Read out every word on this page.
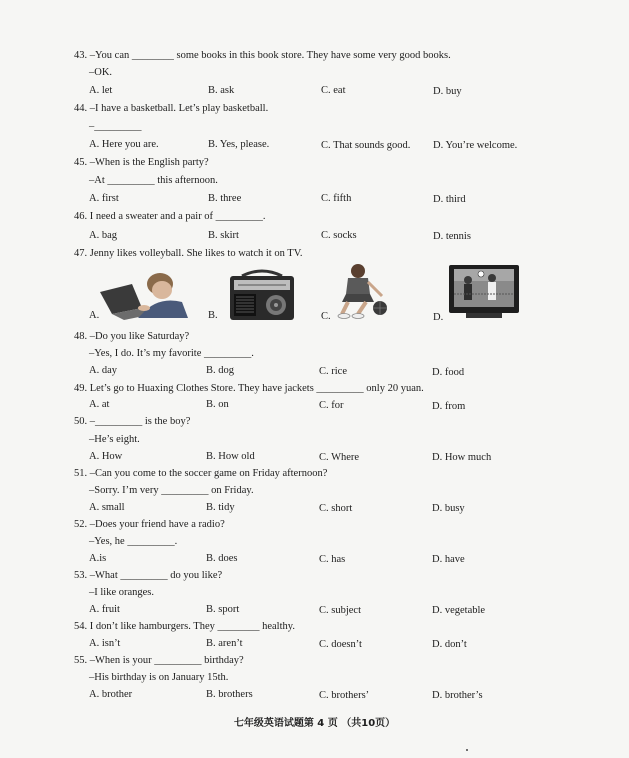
43. –You can ________ some books in this book store. They have some very good books.
–OK.
A. let	B. ask	C. eat	D. buy
44. –I have a basketball. Let’s play basketball.
–_________
A. Here you are.	B. Yes, please.	C. That sounds good. D. You’re welcome.
45. –When is the English party?
–At _________ this afternoon.
A. first	B. three	C. fifth	D. third
46. I need a sweater and a pair of _________.
A. bag	B. skirt	C. socks	D. tennis
47. Jenny likes volleyball. She likes to watch it on TV.
A.	B.	C.	D.
48. –Do you like Saturday?
–Yes, I do. It’s my favorite _________.
A. day	B. dog	C. rice	D. food
49. Let’s go to Huaxing Clothes Store. They have jackets _________ only 20 yuan.
A. at	B. on	C. for	D. from
50. –_________ is the boy?
–He’s eight.
A. How	B. How old	C. Where	D. How much
51. –Can you come to the soccer game on Friday afternoon?
–Sorry. I’m very _________ on Friday.
A. small	B. tidy	C. short	D. busy
52. –Does your friend have a radio?
–Yes, he _________.
A.is	B. does	C. has	D. have
53. –What _________ do you like?
–I like oranges.
A. fruit	B. sport	C. subject	D. vegetable
54. I don’t like hamburgers. They ________ healthy.
A. isn’t	B. aren’t	C. doesn’t	D. don’t
55. –When is your _________ birthday?
–His birthday is on January 15th.
A. brother	B. brothers	C. brothers’	D. brother’s
七年级英语试题第 4 页 （共10页）
